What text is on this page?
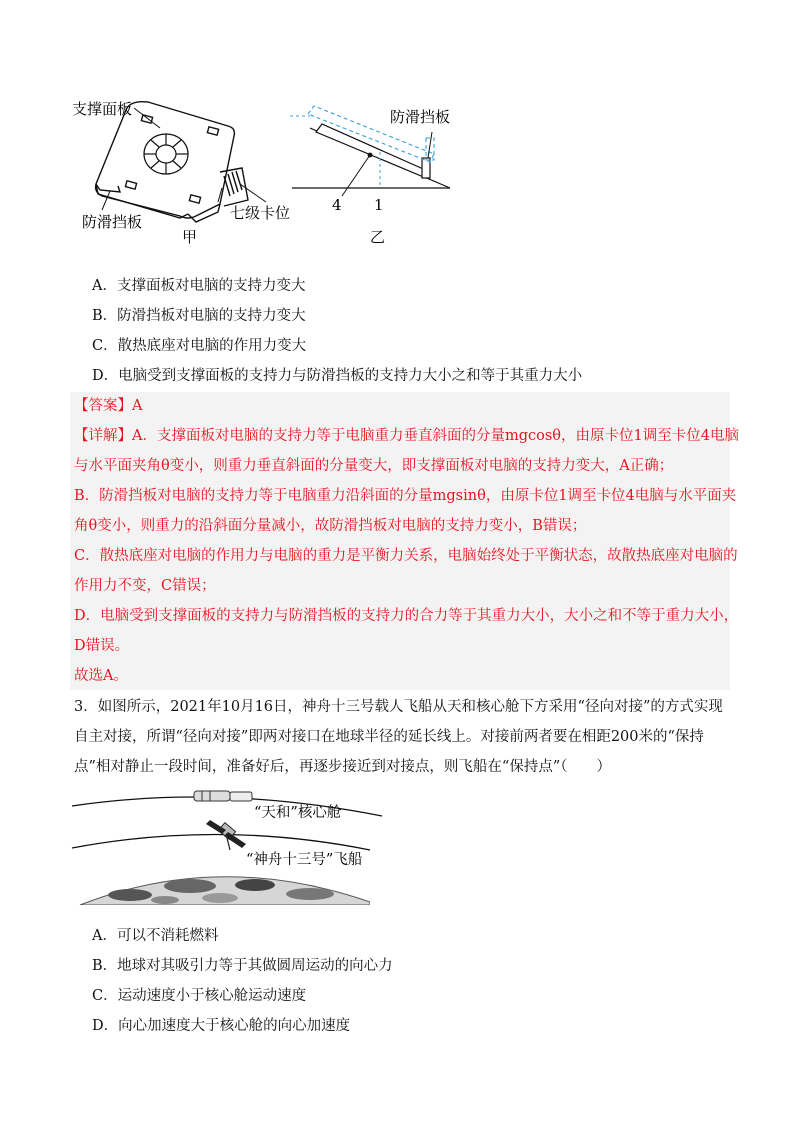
支撑面板
防滑挡板	七级卡位
甲
防滑挡板
4 1
乙
A．支撑面板对电脑的支持力变大
B．防滑挡板对电脑的支持力变大
C．散热底座对电脑的作用力变大
D．电脑受到支撑面板的支持力与防滑挡板的支持力大小之和等于其重力大小
【答案】A
【详解】A．支撑面板对电脑的支持力等于电脑重力垂直斜面的分量mgcosθ，由原卡位1调至卡位4电脑
与水平面夹角θ变小，则重力垂直斜面的分量变大，即支撑面板对电脑的支持力变大，A正确；
B．防滑挡板对电脑的支持力等于电脑重力沿斜面的分量mgsinθ，由原卡位1调至卡位4电脑与水平面夹
角θ变小，则重力的沿斜面分量减小，故防滑挡板对电脑的支持力变小，B错误；
C．散热底座对电脑的作用力与电脑的重力是平衡力关系，电脑始终处于平衡状态，故散热底座对电脑的
作用力不变，C错误；
D．电脑受到支撑面板的支持力与防滑挡板的支持力的合力等于其重力大小，大小之和不等于重力大小，
D错误。
故选A。
3．如图所示，2021年10月16日，神舟十三号载人飞船从天和核心舱下方采用“径向对接”的方式实现
自主对接，所谓“径向对接”即两对接口在地球半径的延长线上。对接前两者要在相距200米的“保持
点”相对静止一段时间，准备好后，再逐步接近到对接点，则飞船在“保持点”（　　）
“天和”核心舱
“神舟十三号”飞船
A．可以不消耗燃料
B．地球对其吸引力等于其做圆周运动的向心力
C．运动速度小于核心舱运动速度
D．向心加速度大于核心舱的向心加速度
